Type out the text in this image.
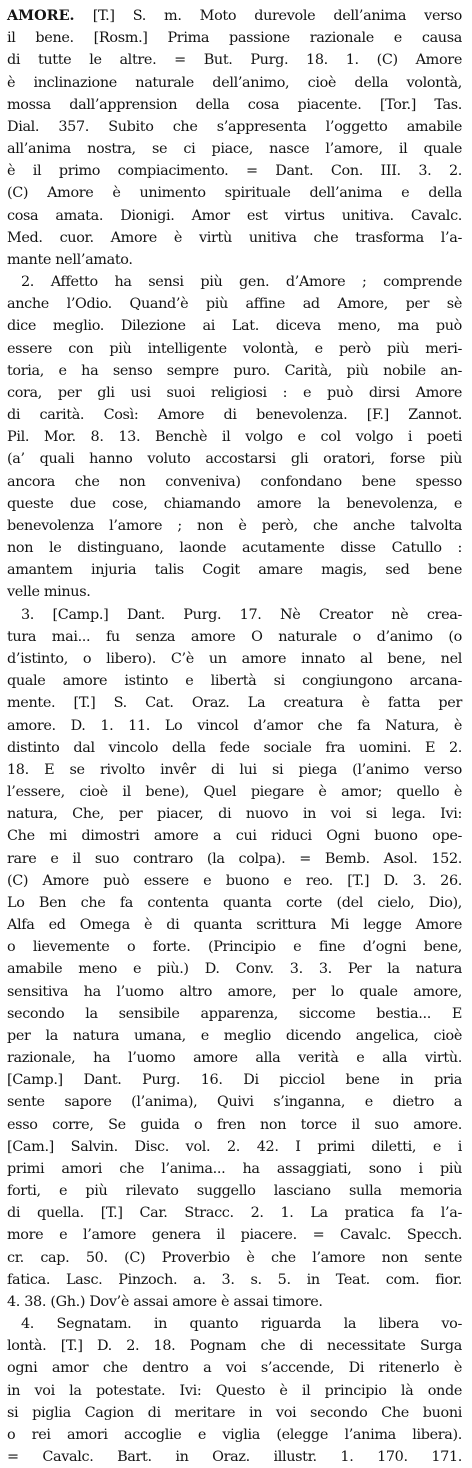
AMORE. [T.] S. m. Moto durevole dell’anima verso
il bene. [Rosm.] Prima passione razionale e causa
di tutte le altre. = But. Purg. 18. 1. (C) Amore
è inclinazione naturale dell’animo, cioè della volontà,
mossa dall’apprension della cosa piacente. [Tor.] Tas.
Dial. 357. Subito che s’appresenta l’oggetto amabile
all’anima nostra, se ci piace, nasce l’amore, il quale
è il primo compiacimento. = Dant. Con. III. 3. 2.
(C) Amore è unimento spirituale dell’anima e della
cosa amata. Dionigi. Amor est virtus unitiva. Cavalc.
Med. cuor. Amore è virtù unitiva che trasforma l’a-
mante nell’amato.
2. Affetto ha sensi più gen. d’Amore ; comprende
anche l’Odio. Quand’è più affine ad Amore, per sè
dice meglio. Dilezione ai Lat. diceva meno, ma può
essere con più intelligente volontà, e però più meri-
toria, e ha senso sempre puro. Carità, più nobile an-
cora, per gli usi suoi religiosi : e può dirsi Amore
di carità. Così: Amore di benevolenza. [F.] Zannot.
Pil. Mor. 8. 13. Benchè il volgo e col volgo i poeti
(a’ quali hanno voluto accostarsi gli oratori, forse più
ancora che non conveniva) confondano bene spesso
queste due cose, chiamando amore la benevolenza, e
benevolenza l’amore ; non è però, che anche talvolta
non le distinguano, laonde acutamente disse Catullo :
amantem injuria talis Cogit amare magis, sed bene
velle minus.
3. [Camp.] Dant. Purg. 17. Nè Creator nè crea-
tura mai... fu senza amore O naturale o d’animo (o
d’istinto, o libero). C’è un amore innato al bene, nel
quale amore istinto e libertà si congiungono arcana-
mente. [T.] S. Cat. Oraz. La creatura è fatta per
amore. D. 1. 11. Lo vincol d’amor che fa Natura, è
distinto dal vincolo della fede sociale fra uomini. E 2.
18. E se rivolto invêr di lui si piega (l’animo verso
l’essere, cioè il bene), Quel piegare è amor; quello è
natura, Che, per piacer, di nuovo in voi si lega. Ivi:
Che mi dimostri amore a cui riduci Ogni buono ope-
rare e il suo contraro (la colpa). = Bemb. Asol. 152.
(C) Amore può essere e buono e reo. [T.] D. 3. 26.
Lo Ben che fa contenta quanta corte (del cielo, Dio),
Alfa ed Omega è di quanta scrittura Mi legge Amore
o lievemente o forte. (Principio e fine d’ogni bene,
amabile meno e più.) D. Conv. 3. 3. Per la natura
sensitiva ha l’uomo altro amore, per lo quale amore,
secondo la sensibile apparenza, siccome bestia... E
per la natura umana, e meglio dicendo angelica, cioè
razionale, ha l’uomo amore alla verità e alla virtù.
[Camp.] Dant. Purg. 16. Di picciol bene in pria
sente sapore (l’anima), Quivi s’inganna, e dietro a
esso corre, Se guida o fren non torce il suo amore.
[Cam.] Salvin. Disc. vol. 2. 42. I primi diletti, e i
primi amori che l’anima... ha assaggiati, sono i più
forti, e più rilevato suggello lasciano sulla memoria
di quella. [T.] Car. Stracc. 2. 1. La pratica fa l’a-
more e l’amore genera il piacere. = Cavalc. Specch.
cr. cap. 50. (C) Proverbio è che l’amore non sente
fatica. Lasc. Pinzoch. a. 3. s. 5. in Teat. com. fior.
4. 38. (Gh.) Dov’è assai amore è assai timore.
4. Segnatam. in quanto riguarda la libera vo-
lontà. [T.] D. 2. 18. Pognam che di necessitate Surga
ogni amor che dentro a voi s’accende, Di ritenerlo è
in voi la potestate. Ivi: Questo è il principio là onde
si piglia Cagion di meritare in voi secondo Che buoni
o rei amori accoglie e viglia (elegge l’anima libera).
= Cavalc. Bart. in Oraz. illustr. 1. 170. 171.
